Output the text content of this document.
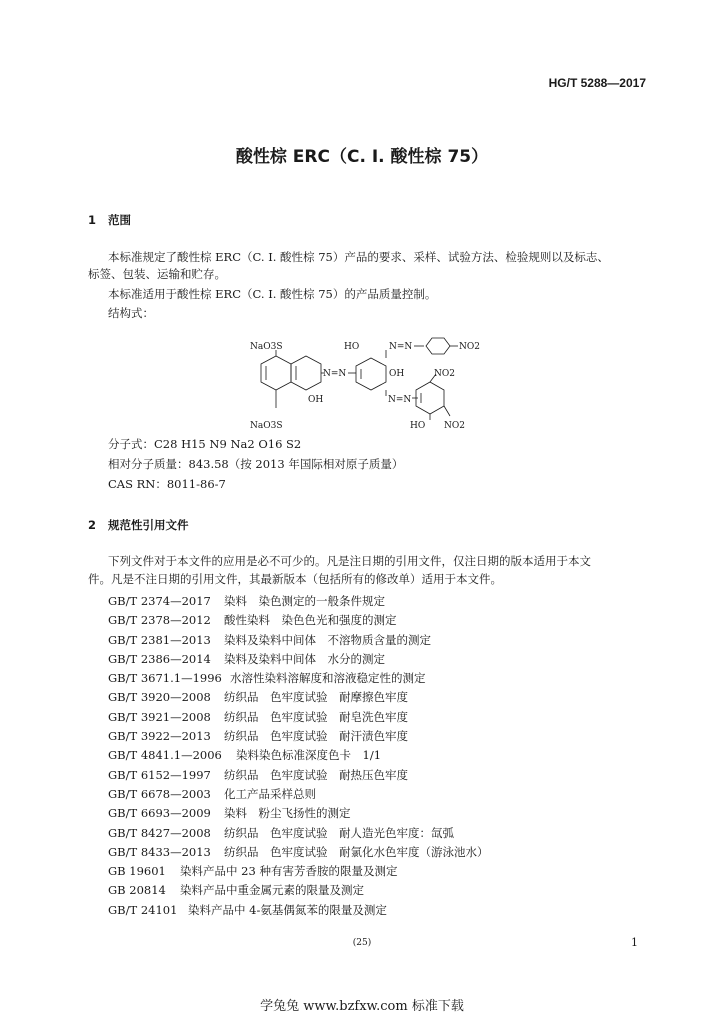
HG/T 5288—2017
酸性棕 ERC（C. I. 酸性棕 75）
1 范围
本标准规定了酸性棕 ERC（C. I. 酸性棕 75）产品的要求、采样、试验方法、检验规则以及标志、
标签、包装、运输和贮存。
本标准适用于酸性棕 ERC（C. I. 酸性棕 75）的产品质量控制。
结构式：
NaO3S	HO	N=N	NO2
N=N	OH	NO2
OH	N=N
NaO3S	HO NO2
分子式：C28 H15 N9 Na2 O16 S2
相对分子质量：843.58（按 2013 年国际相对原子质量）
CAS RN：8011-86-7
2 规范性引用文件
下列文件对于本文件的应用是必不可少的。凡是注日期的引用文件，仅注日期的版本适用于本文
件。凡是不注日期的引用文件，其最新版本（包括所有的修改单）适用于本文件。
GB/T 2374—2017 染料　染色测定的一般条件规定
GB/T 2378—2012 酸性染料　染色色光和强度的测定
GB/T 2381—2013 染料及染料中间体　不溶物质含量的测定
GB/T 2386—2014 染料及染料中间体　水分的测定
GB/T 3671.1—1996 水溶性染料溶解度和溶液稳定性的测定
GB/T 3920—2008 纺织品　色牢度试验　耐摩擦色牢度
GB/T 3921—2008 纺织品　色牢度试验　耐皂洗色牢度
GB/T 3922—2013 纺织品　色牢度试验　耐汗渍色牢度
GB/T 4841.1—2006 染料染色标准深度色卡　1/1
GB/T 6152—1997 纺织品　色牢度试验　耐热压色牢度
GB/T 6678—2003 化工产品采样总则
GB/T 6693—2009 染料　粉尘飞扬性的测定
GB/T 8427—2008 纺织品　色牢度试验　耐人造光色牢度：氙弧
GB/T 8433—2013 纺织品　色牢度试验　耐氯化水色牢度（游泳池水）
GB 19601 染料产品中 23 种有害芳香胺的限量及测定
GB 20814 染料产品中重金属元素的限量及测定
GB/T 24101 染料产品中 4-氨基偶氮苯的限量及测定
(25)	1
学兔兔 www.bzfxw.com 标准下载
